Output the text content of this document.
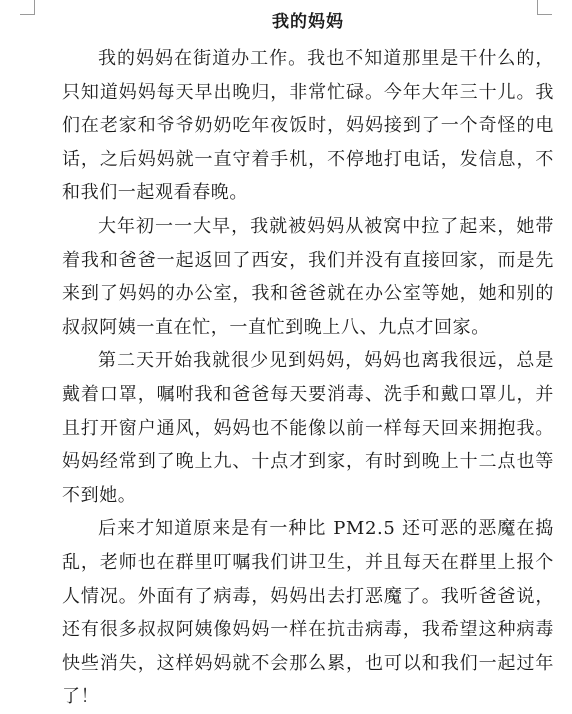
我的妈妈

我的妈妈在街道办工作。我也不知道那里是干什么的，只知道妈妈每天早出晚归，非常忙碌。今年大年三十儿。我们在老家和爷爷奶奶吃年夜饭时，妈妈接到了一个奇怪的电话，之后妈妈就一直守着手机，不停地打电话，发信息，不和我们一起观看春晚。

大年初一一大早，我就被妈妈从被窝中拉了起来，她带着我和爸爸一起返回了西安，我们并没有直接回家，而是先来到了妈妈的办公室，我和爸爸就在办公室等她，她和别的叔叔阿姨一直在忙，一直忙到晚上八、九点才回家。

第二天开始我就很少见到妈妈，妈妈也离我很远，总是戴着口罩，嘱咐我和爸爸每天要消毒、洗手和戴口罩儿，并且打开窗户通风，妈妈也不能像以前一样每天回来拥抱我。妈妈经常到了晚上九、十点才到家，有时到晚上十二点也等不到她。

后来才知道原来是有一种比 PM2.5 还可恶的恶魔在捣乱，老师也在群里叮嘱我们讲卫生，并且每天在群里上报个人情况。外面有了病毒，妈妈出去打恶魔了。我听爸爸说，还有很多叔叔阿姨像妈妈一样在抗击病毒，我希望这种病毒快些消失，这样妈妈就不会那么累，也可以和我们一起过年了！
